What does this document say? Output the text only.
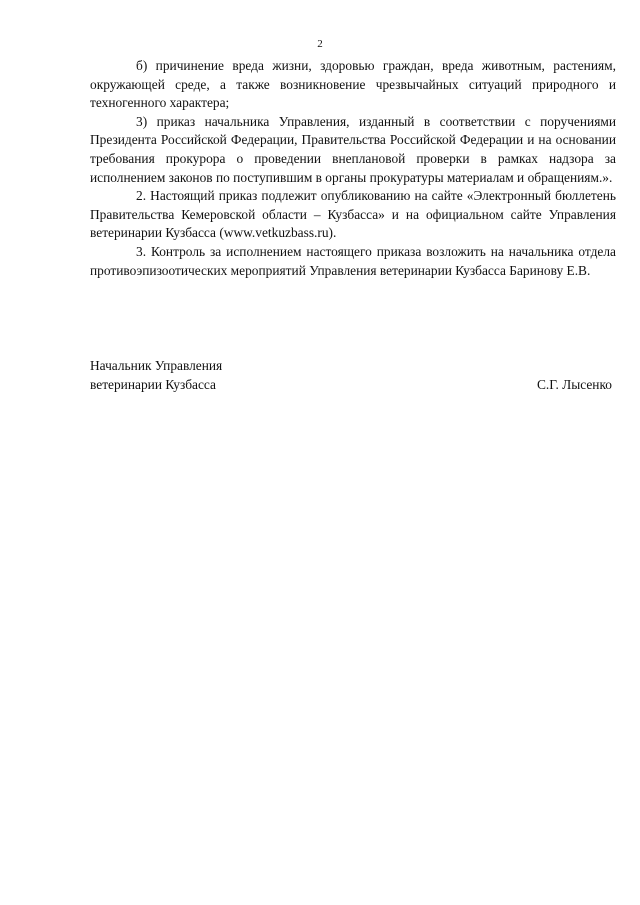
2

б) причинение вреда жизни, здоровью граждан, вреда животным, растениям, окружающей среде, а также возникновение чрезвычайных ситуаций природного и техногенного характера;

3) приказ начальника Управления, изданный в соответствии с поручениями Президента Российской Федерации, Правительства Российской Федерации и на основании требования прокурора о проведении внеплановой проверки в рамках надзора за исполнением законов по поступившим в органы прокуратуры материалам и обращениям.».

2. Настоящий приказ подлежит опубликованию на сайте «Электронный бюллетень Правительства Кемеровской области – Кузбасса» и на официальном сайте Управления ветеринарии Кузбасса (www.vetkuzbass.ru).

3. Контроль за исполнением настоящего приказа возложить на начальника отдела противоэпизоотических мероприятий Управления ветеринарии Кузбасса Баринову Е.В.

Начальник Управления
ветеринарии Кузбасса	С.Г. Лысенко
